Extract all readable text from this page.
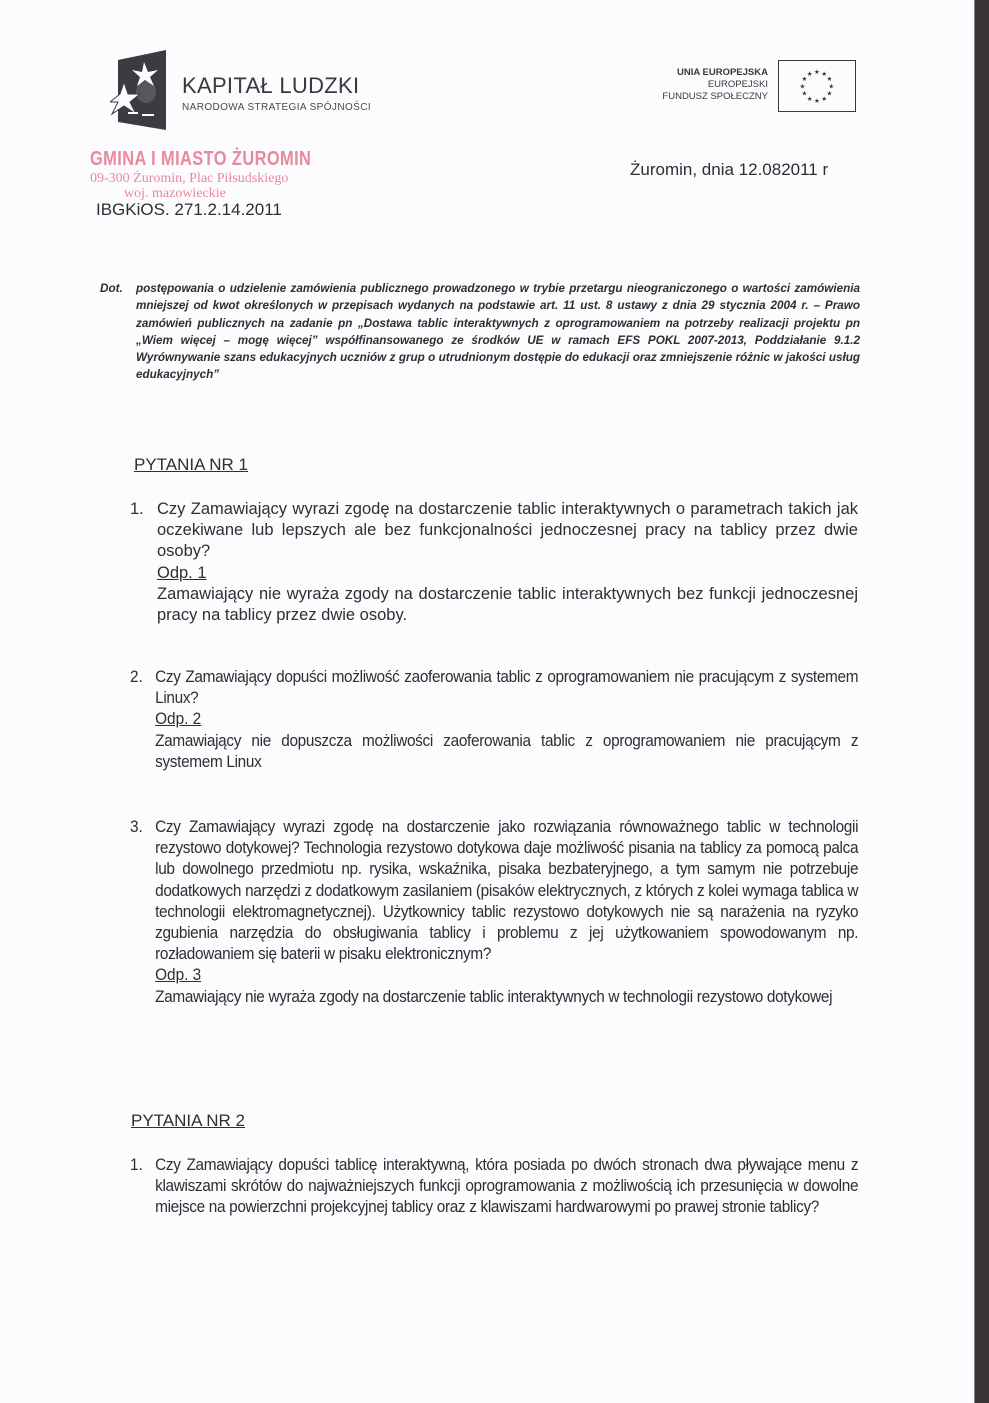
KAPITAŁ LUDZKI
NARODOWA STRATEGIA SPÓJNOŚCI
UNIA EUROPEJSKA
EUROPEJSKI
FUNDUSZ SPOŁECZNY
★ ★
★
★
★
★
★
★
★
★
★
★
GMINA I MIASTO ŻUROMIN
09-300 Żuromin, Plac Piłsudskiego
woj. mazowieckie
IBGKiOS. 271.2.14.2011
Żuromin, dnia 12.082011 r
Dot. postępowania o udzielenie zamówienia publicznego prowadzonego w trybie przetargu nieograniczonego o wartości zamówienia mniejszej od kwot określonych w przepisach wydanych na podstawie art. 11 ust. 8 ustawy z dnia 29 stycznia 2004 r. – Prawo zamówień publicznych na zadanie pn „Dostawa tablic interaktywnych z oprogramowaniem na potrzeby realizacji projektu pn „Wiem więcej – mogę więcej” współfinansowanego ze środków UE w ramach EFS POKL 2007-2013, Poddziałanie 9.1.2 Wyrównywanie szans edukacyjnych uczniów z grup o utrudnionym dostępie do edukacji oraz zmniejszenie różnic w jakości usług edukacyjnych”
PYTANIA NR 1
1. Czy Zamawiający wyrazi zgodę na dostarczenie tablic interaktywnych o parametrach takich jak oczekiwane lub lepszych ale bez funkcjonalności jednoczesnej pracy na tablicy przez dwie osoby?
Odp. 1
Zamawiający nie wyraża zgody na dostarczenie tablic interaktywnych bez funkcji jednoczesnej pracy na tablicy przez dwie osoby.
2. Czy Zamawiający dopuści możliwość zaoferowania tablic z oprogramowaniem nie pracującym z systemem Linux?
Odp. 2
Zamawiający nie dopuszcza możliwości zaoferowania tablic z oprogramowaniem nie pracującym z systemem Linux
3. Czy Zamawiający wyrazi zgodę na dostarczenie jako rozwiązania równoważnego tablic w technologii rezystowo dotykowej? Technologia rezystowo dotykowa daje możliwość pisania na tablicy za pomocą palca lub dowolnego przedmiotu np. rysika, wskaźnika, pisaka bezbateryjnego, a tym samym nie potrzebuje dodatkowych narzędzi z dodatkowym zasilaniem (pisaków elektrycznych, z których z kolei wymaga tablica w technologii elektromagnetycznej). Użytkownicy tablic rezystowo dotykowych nie są narażenia na ryzyko zgubienia narzędzia do obsługiwania tablicy i problemu z jej użytkowaniem spowodowanym np. rozładowaniem się baterii w pisaku elektronicznym?
Odp. 3
Zamawiający nie wyraża zgody na dostarczenie tablic interaktywnych w technologii rezystowo dotykowej
PYTANIA NR 2
1. Czy Zamawiający dopuści tablicę interaktywną, która posiada po dwóch stronach dwa pływające menu z klawiszami skrótów do najważniejszych funkcji oprogramowania z możliwością ich przesunięcia w dowolne miejsce na powierzchni projekcyjnej tablicy oraz z klawiszami hardwarowymi po prawej stronie tablicy?
